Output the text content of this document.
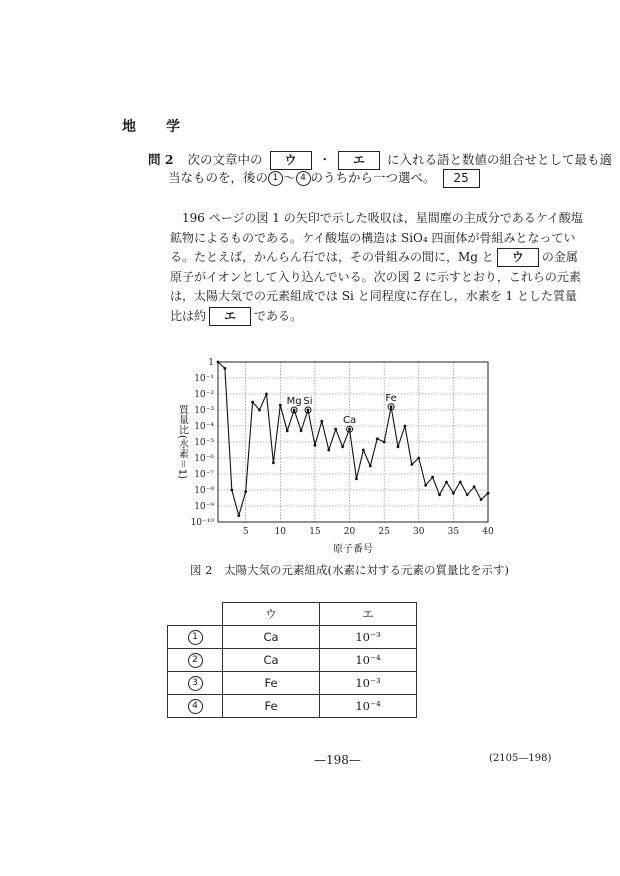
地　学
問 2 次の文章中の ウ ・ エ に入れる語と数値の組合せとして最も適
当なものを，後の 1 〜 4 のうちから一つ選べ。 25
196 ページの図 1 の矢印で示した吸収は，星間塵の主成分であるケイ酸塩
鉱物によるものである。ケイ酸塩の構造は SiO₄ 四面体が骨組みとなってい
る。たとえば，かんらん石では，その骨組みの間に，Mg と ウ の金属
原子がイオンとして入り込んでいる。次の図 2 に示すとおり，これらの元素
は，太陽大気での元素組成では Si と同程度に存在し，水素を 1 とした質量
比は約 エ である。
1
10⁻¹
10⁻²
10⁻³
10⁻⁴
10⁻⁵
10⁻⁶
10⁻⁷
10⁻⁸
10⁻⁹
10⁻¹⁰
5	10	15	20	25	30	35	40
原子番号
質量比(水素＝1)
Mg Si
Ca
Fe
図 2　太陽大気の元素組成(水素に対する元素の質量比を示す)
	ウ	エ
1	Ca	10⁻³
2	Ca	10⁻⁴
3	Fe	10⁻³
4	Fe	10⁻⁴
—198—	(2105—198)
